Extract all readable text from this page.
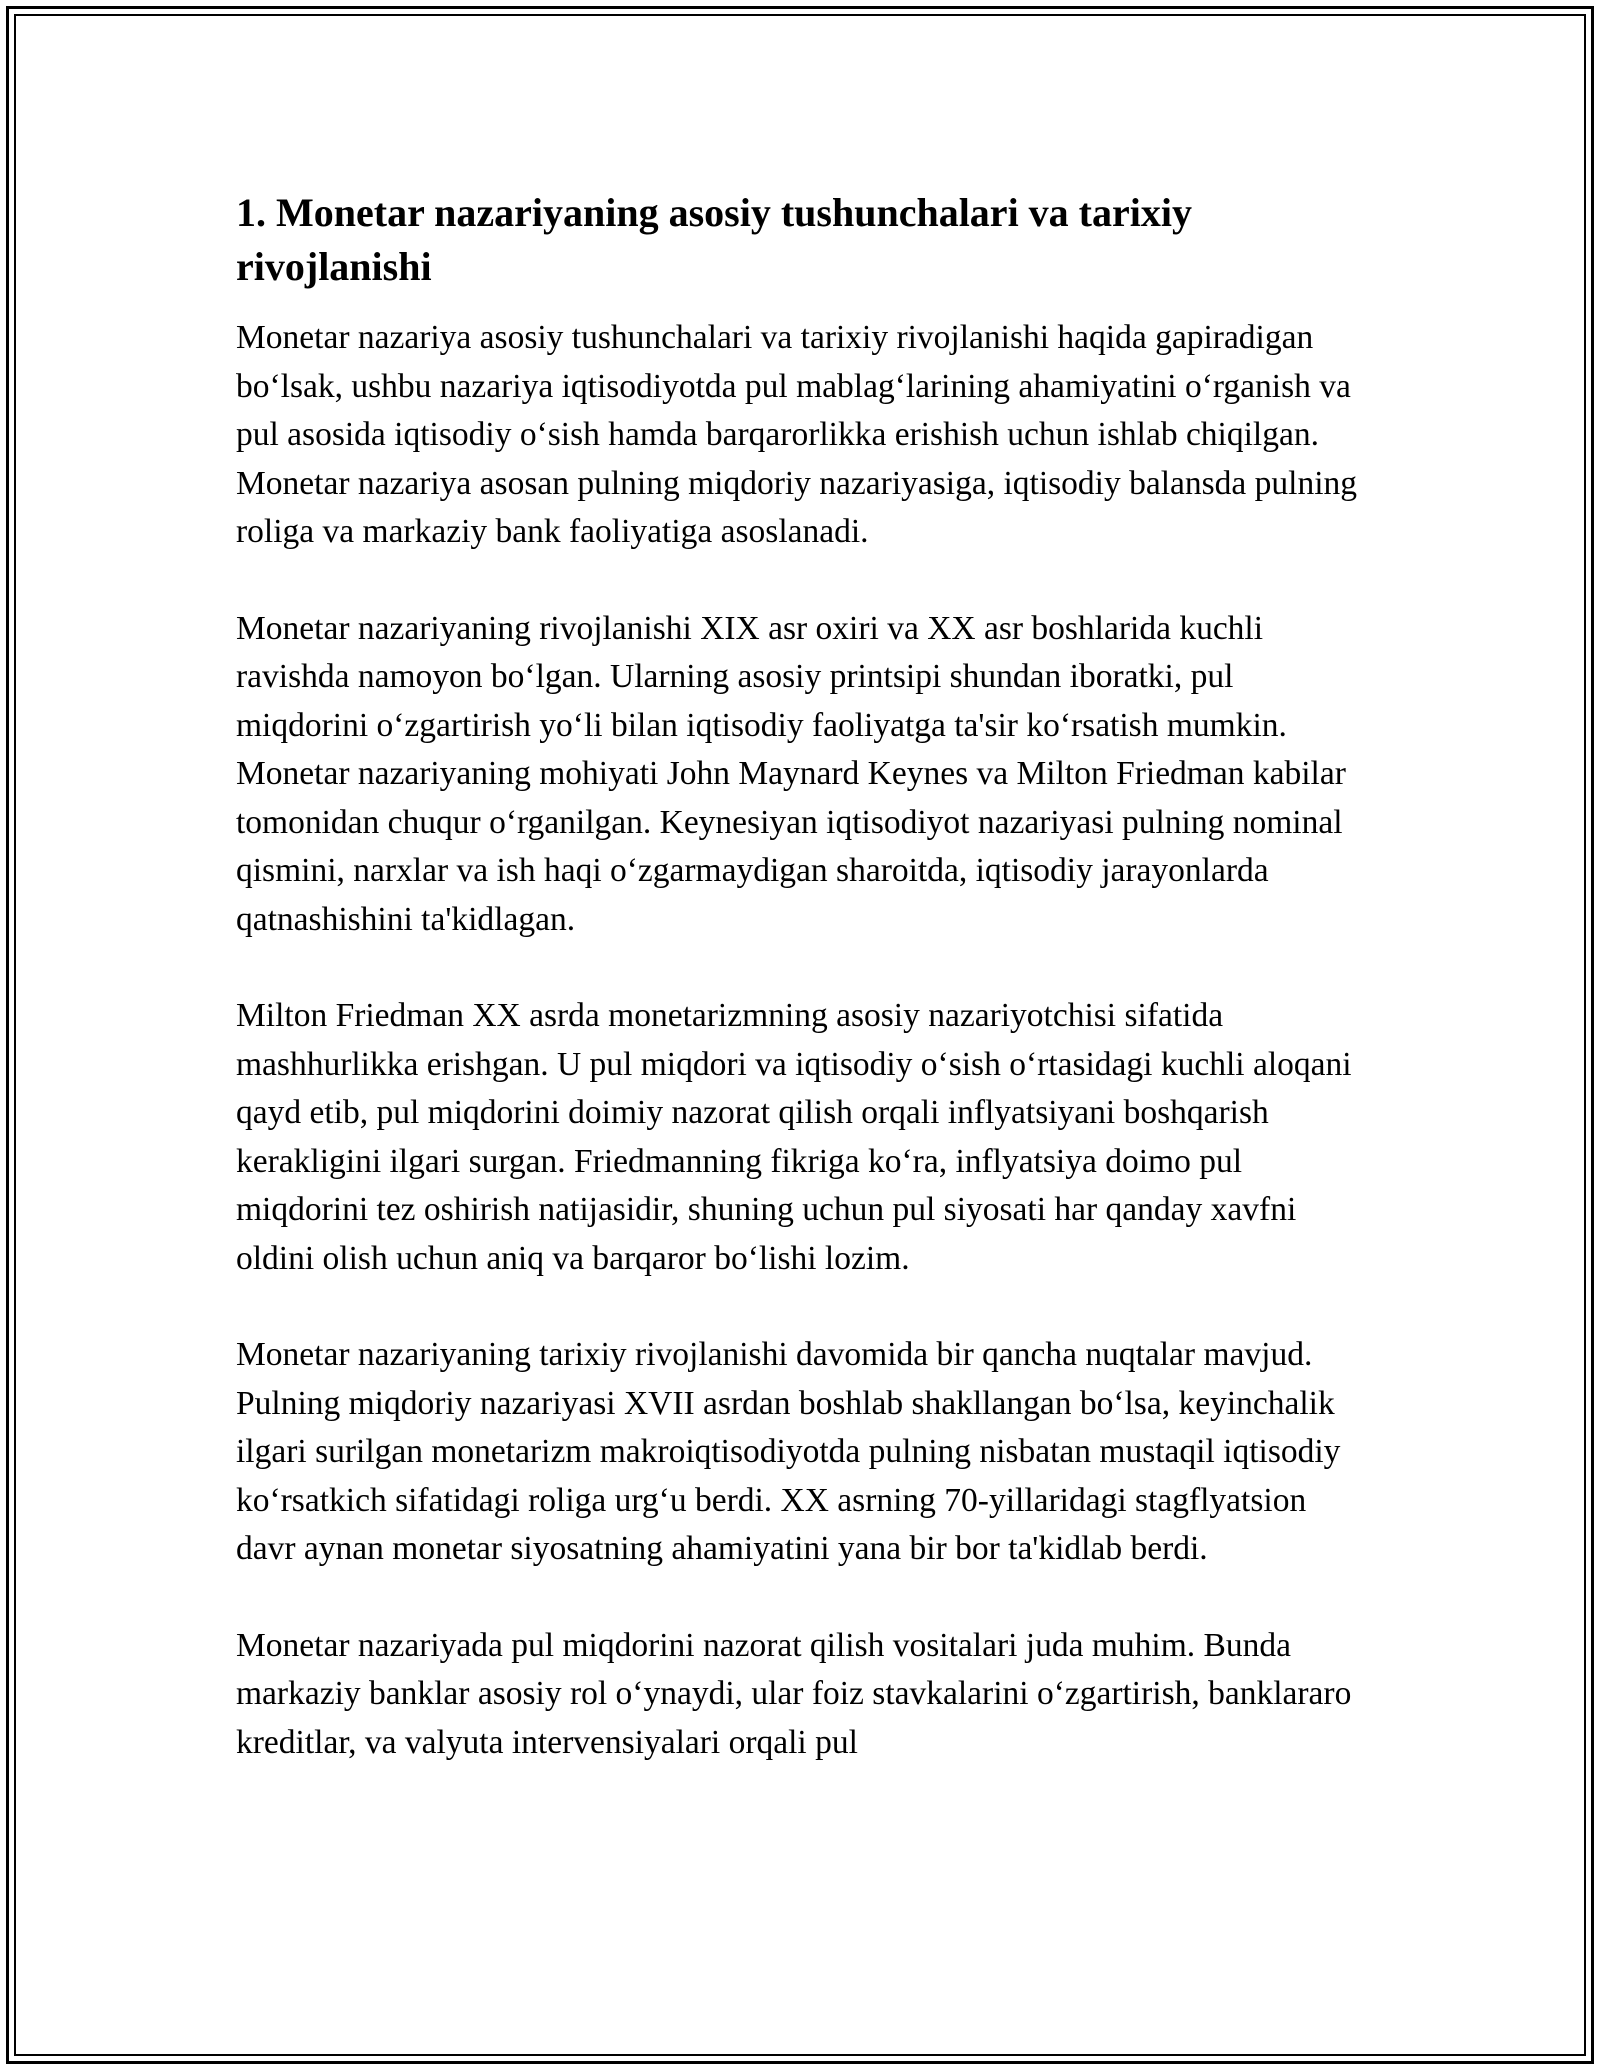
1. Monetar nazariyaning asosiy tushunchalari va tarixiy rivojlanishi

Monetar nazariya asosiy tushunchalari va tarixiy rivojlanishi haqida gapiradigan bo‘lsak, ushbu nazariya iqtisodiyotda pul mablag‘larining ahamiyatini o‘rganish va pul asosida iqtisodiy o‘sish hamda barqarorlikka erishish uchun ishlab chiqilgan. Monetar nazariya asosan pulning miqdoriy nazariyasiga, iqtisodiy balansda pulning roliga va markaziy bank faoliyatiga asoslanadi.

Monetar nazariyaning rivojlanishi XIX asr oxiri va XX asr boshlarida kuchli ravishda namoyon bo‘lgan. Ularning asosiy printsipi shundan iboratki, pul miqdorini o‘zgartirish yo‘li bilan iqtisodiy faoliyatga ta'sir ko‘rsatish mumkin. Monetar nazariyaning mohiyati John Maynard Keynes va Milton Friedman kabilar tomonidan chuqur o‘rganilgan. Keynesiyan iqtisodiyot nazariyasi pulning nominal qismini, narxlar va ish haqi o‘zgarmaydigan sharoitda, iqtisodiy jarayonlarda qatnashishini ta'kidlagan.

Milton Friedman XX asrda monetarizmning asosiy nazariyotchisi sifatida mashhurlikka erishgan. U pul miqdori va iqtisodiy o‘sish o‘rtasidagi kuchli aloqani qayd etib, pul miqdorini doimiy nazorat qilish orqali inflyatsiyani boshqarish kerakligini ilgari surgan. Friedmanning fikriga ko‘ra, inflyatsiya doimo pul miqdorini tez oshirish natijasidir, shuning uchun pul siyosati har qanday xavfni oldini olish uchun aniq va barqaror bo‘lishi lozim.

Monetar nazariyaning tarixiy rivojlanishi davomida bir qancha nuqtalar mavjud. Pulning miqdoriy nazariyasi XVII asrdan boshlab shakllangan bo‘lsa, keyinchalik ilgari surilgan monetarizm makroiqtisodiyotda pulning nisbatan mustaqil iqtisodiy ko‘rsatkich sifatidagi roliga urg‘u berdi. XX asrning 70-yillaridagi stagflyatsion davr aynan monetar siyosatning ahamiyatini yana bir bor ta'kidlab berdi.

Monetar nazariyada pul miqdorini nazorat qilish vositalari juda muhim. Bunda markaziy banklar asosiy rol o‘ynaydi, ular foiz stavkalarini o‘zgartirish, banklararo kreditlar, va valyuta intervensiyalari orqali pul
